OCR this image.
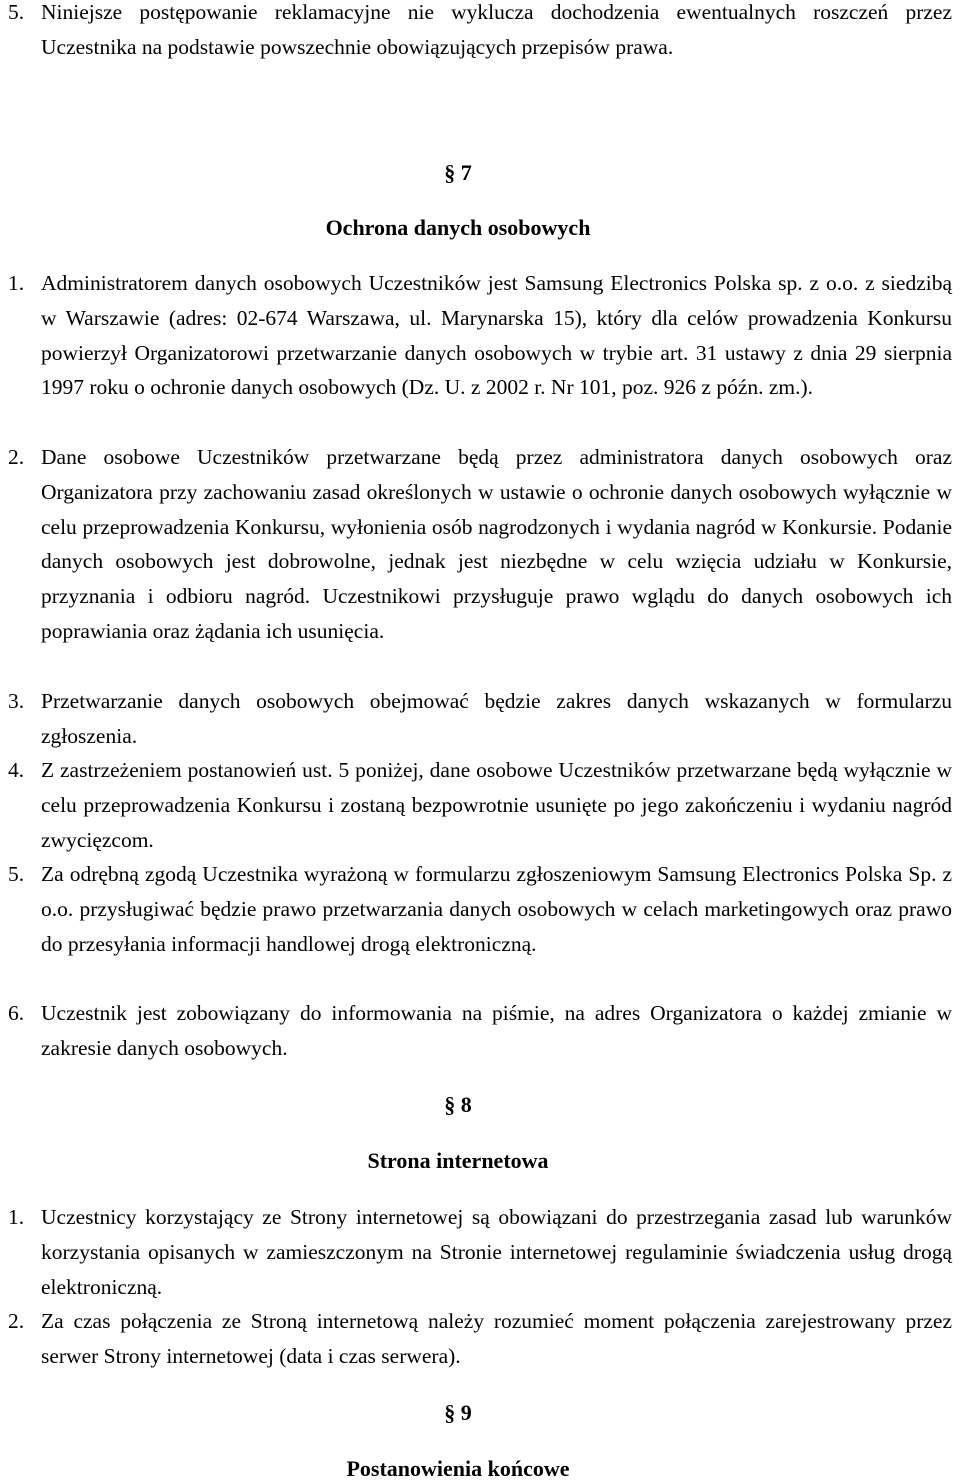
5. Niniejsze postępowanie reklamacyjne nie wyklucza dochodzenia ewentualnych roszczeń przez Uczestnika na podstawie powszechnie obowiązujących przepisów prawa.
§ 7
Ochrona danych osobowych
1. Administratorem danych osobowych Uczestników jest Samsung Electronics Polska sp. z o.o. z siedzibą w Warszawie (adres: 02-674 Warszawa, ul. Marynarska 15), który dla celów prowadzenia Konkursu powierzył Organizatorowi przetwarzanie danych osobowych w trybie art. 31 ustawy z dnia 29 sierpnia 1997 roku o ochronie danych osobowych (Dz. U. z 2002 r. Nr 101, poz. 926 z późn. zm.).
2. Dane osobowe Uczestników przetwarzane będą przez administratora danych osobowych oraz Organizatora przy zachowaniu zasad określonych w ustawie o ochronie danych osobowych wyłącznie w celu przeprowadzenia Konkursu, wyłonienia osób nagrodzonych i wydania nagród w Konkursie. Podanie danych osobowych jest dobrowolne, jednak jest niezbędne w celu wzięcia udziału w Konkursie, przyznania i odbioru nagród. Uczestnikowi przysługuje prawo wglądu do danych osobowych ich poprawiania oraz żądania ich usunięcia.
3. Przetwarzanie danych osobowych obejmować będzie zakres danych wskazanych w formularzu zgłoszenia.
4. Z zastrzeżeniem postanowień ust. 5 poniżej, dane osobowe Uczestników przetwarzane będą wyłącznie w celu przeprowadzenia Konkursu i zostaną bezpowrotnie usunięte po jego zakończeniu i wydaniu nagród zwycięzcom.
5. Za odrębną zgodą Uczestnika wyrażoną w formularzu zgłoszeniowym Samsung Electronics Polska Sp. z o.o. przysługiwać będzie prawo przetwarzania danych osobowych w celach marketingowych oraz prawo do przesyłania informacji handlowej drogą elektroniczną.
6. Uczestnik jest zobowiązany do informowania na piśmie, na adres Organizatora o każdej zmianie w zakresie danych osobowych.
§ 8
Strona internetowa
1. Uczestnicy korzystający ze Strony internetowej są obowiązani do przestrzegania zasad lub warunków korzystania opisanych w zamieszczonym na Stronie internetowej regulaminie świadczenia usług drogą elektroniczną.
2. Za czas połączenia ze Stroną internetową należy rozumieć moment połączenia zarejestrowany przez serwer Strony internetowej (data i czas serwera).
§ 9
Postanowienia końcowe
